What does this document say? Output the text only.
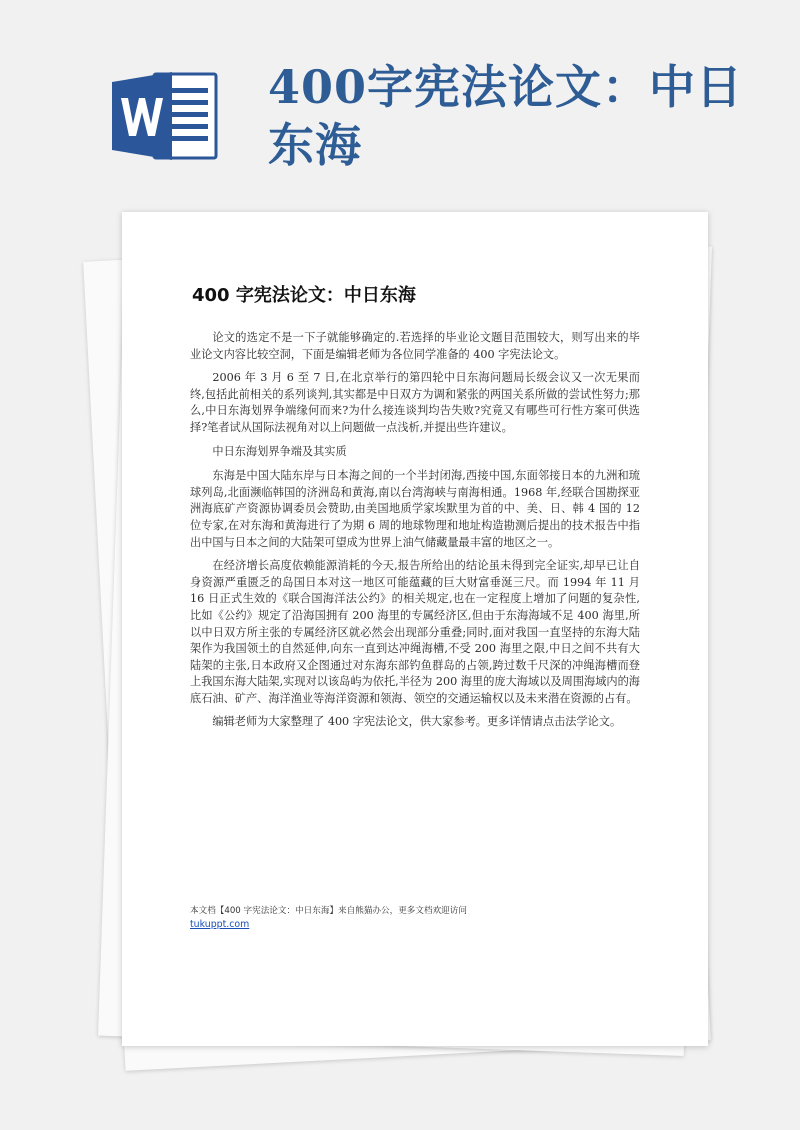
400字宪法论文：中日东海
400 字宪法论文：中日东海

论文的选定不是一下子就能够确定的.若选择的毕业论文题目范围较大，则写出来的毕业论文内容比较空洞，下面是编辑老师为各位同学准备的 400 字宪法论文。

2006 年 3 月 6 至 7 日,在北京举行的第四轮中日东海问题局长级会议又一次无果而终,包括此前相关的系列谈判,其实都是中日双方为调和紧张的两国关系所做的尝试性努力;那么,中日东海划界争端缘何而来?为什么接连谈判均告失败?究竟又有哪些可行性方案可供选择?笔者试从国际法视角对以上问题做一点浅析,并提出些许建议。

中日东海划界争端及其实质

东海是中国大陆东岸与日本海之间的一个半封闭海,西接中国,东面邻接日本的九洲和琉球列岛,北面濒临韩国的济洲岛和黄海,南以台湾海峡与南海相通。1968 年,经联合国勘探亚洲海底矿产资源协调委员会赞助,由美国地质学家埃默里为首的中、美、日、韩 4 国的 12 位专家,在对东海和黄海进行了为期 6 周的地球物理和地址构造勘测后提出的技术报告中指出中国与日本之间的大陆架可望成为世界上油气储藏量最丰富的地区之一。

在经济增长高度依赖能源消耗的今天,报告所给出的结论虽未得到完全证实,却早已让自身资源严重匮乏的岛国日本对这一地区可能蕴藏的巨大财富垂涎三尺。而 1994 年 11 月 16 日正式生效的《联合国海洋法公约》的相关规定,也在一定程度上增加了问题的复杂性,比如《公约》规定了沿海国拥有 200 海里的专属经济区,但由于东海海域不足 400 海里,所以中日双方所主张的专属经济区就必然会出现部分重叠;同时,面对我国一直坚持的东海大陆架作为我国领土的自然延伸,向东一直到达冲绳海槽,不受 200 海里之限,中日之间不共有大陆架的主张,日本政府又企图通过对东海东部钓鱼群岛的占领,跨过数千尺深的冲绳海槽而登上我国东海大陆架,实现对以该岛屿为依托,半径为 200 海里的庞大海域以及周围海域内的海底石油、矿产、海洋渔业等海洋资源和领海、领空的交通运输权以及未来潜在资源的占有。

编辑老师为大家整理了 400 字宪法论文，供大家参考。更多详情请点击法学论文。

本文档【400 字宪法论文：中日东海】来自熊猫办公，更多文档欢迎访问
tukuppt.com
